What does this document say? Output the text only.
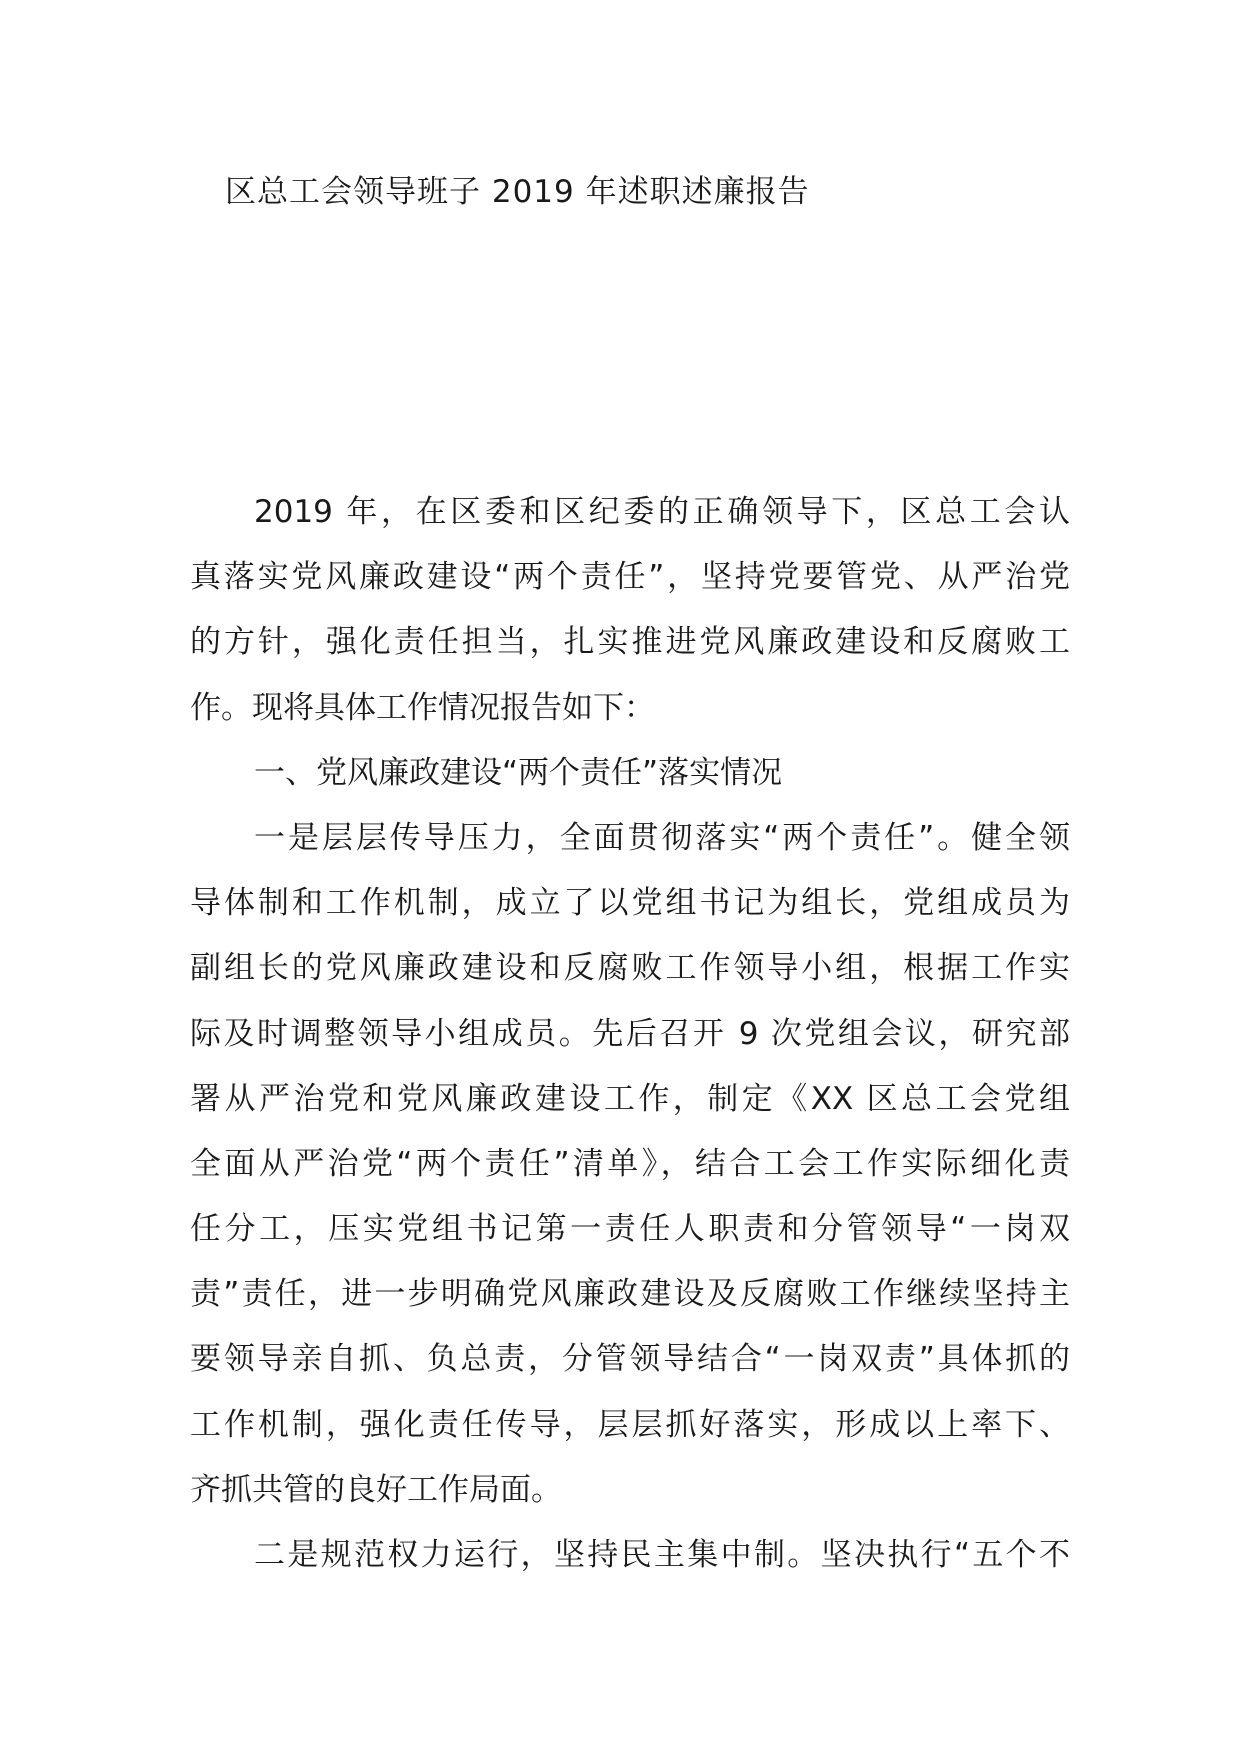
区总工会领导班子 2019 年述职述廉报告
2019 年，在区委和区纪委的正确领导下，区总工会认
真落实党风廉政建设“两个责任”，坚持党要管党、从严治党
的方针，强化责任担当，扎实推进党风廉政建设和反腐败工
作。现将具体工作情况报告如下：
一、党风廉政建设“两个责任”落实情况
一是层层传导压力，全面贯彻落实“两个责任”。健全领
导体制和工作机制，成立了以党组书记为组长，党组成员为
副组长的党风廉政建设和反腐败工作领导小组，根据工作实
际及时调整领导小组成员。先后召开 9 次党组会议，研究部
署从严治党和党风廉政建设工作，制定《XX 区总工会党组
全面从严治党“两个责任”清单》，结合工会工作实际细化责
任分工，压实党组书记第一责任人职责和分管领导“一岗双
责”责任，进一步明确党风廉政建设及反腐败工作继续坚持主
要领导亲自抓、负总责，分管领导结合“一岗双责”具体抓的
工作机制，强化责任传导，层层抓好落实，形成以上率下、
齐抓共管的良好工作局面。
二是规范权力运行，坚持民主集中制。坚决执行“五个不
